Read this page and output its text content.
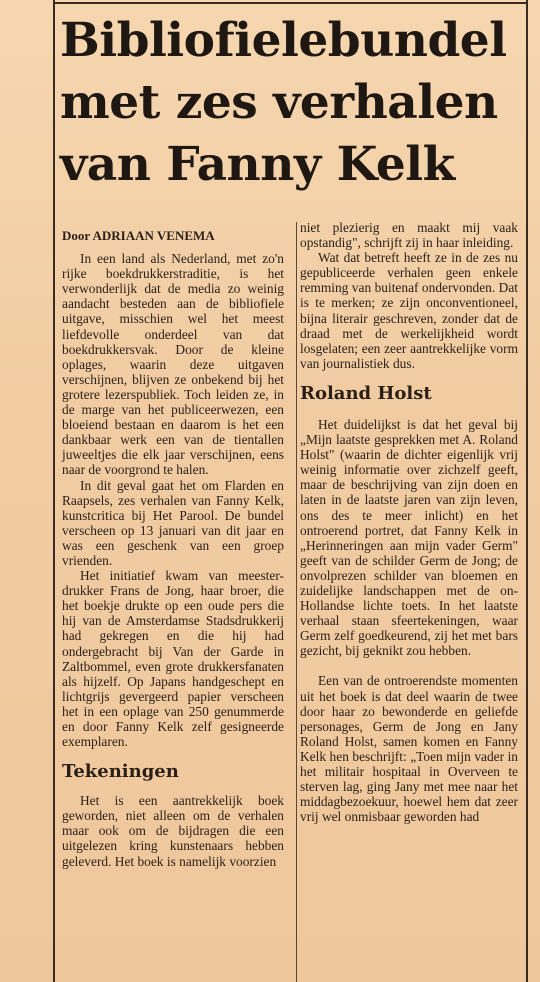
Bibliofielebundel
met zes verhalen
van Fanny Kelk
Door ADRIAAN VENEMA

In een land als Nederland, met zo'n rijke boekdrukkerstraditie, is het verwonderlijk dat de media zo weinig aandacht besteden aan de bibliofiele uitgave, misschien wel het meest liefdevolle onderdeel van dat boekdrukkersvak. Door de kleine oplages, waarin deze uitgaven verschijnen, blijven ze onbekend bij het grotere lezerspubliek. Toch leiden ze, in de marge van het publiceerwezen, een bloeiend bestaan en daarom is het een dankbaar werk een van de tientallen juweeltjes die elk jaar verschijnen, eens naar de voorgrond te halen.

In dit geval gaat het om Flarden en Raapsels, zes verhalen van Fanny Kelk, kunstcritica bij Het Parool. De bundel verscheen op 13 januari van dit jaar en was een geschenk van een groep vrienden.

Het initiatief kwam van meester-drukker Frans de Jong, haar broer, die het boekje drukte op een oude pers die hij van de Amsterdamse Stadsdrukkerij had gekregen en die hij had ondergebracht bij Van der Garde in Zaltbommel, even grote drukkersfanaten als hijzelf. Op Japans handgeschept en lichtgrijs gevergeerd papier verscheen het in een oplage van 250 genummerde en door Fanny Kelk zelf gesigneerde exemplaren.

Tekeningen

Het is een aantrekkelijk boek geworden, niet alleen om de verhalen maar ook om de bijdragen die een uitgelezen kring kunstenaars hebben geleverd. Het boek is namelijk voorzien

niet plezierig en maakt mij vaak opstandig", schrijft zij in haar inleiding.

Wat dat betreft heeft ze in de zes nu gepubliceerde verhalen geen enkele remming van buitenaf ondervonden. Dat is te merken; ze zijn onconventioneel, bijna literair geschreven, zonder dat de draad met de werkelijkheid wordt losgelaten; een zeer aantrekkelijke vorm van journalistiek dus.

Roland Holst

Het duidelijkst is dat het geval bij „Mijn laatste gesprekken met A. Roland Holst" (waarin de dichter eigenlijk vrij weinig informatie over zichzelf geeft, maar de beschrijving van zijn doen en laten in de laatste jaren van zijn leven, ons des te meer inlicht) en het ontroerend portret, dat Fanny Kelk in „Herinneringen aan mijn vader Germ" geeft van de schilder Germ de Jong; de onvolprezen schilder van bloemen en zuidelijke landschappen met de on-Hollandse lichte toets. In het laatste verhaal staan sfeertekeningen, waar Germ zelf goedkeurend, zij het met bars gezicht, bij geknikt zou hebben.

Een van de ontroerendste momenten uit het boek is dat deel waarin de twee door haar zo bewonderde en geliefde personages, Germ de Jong en Jany Roland Holst, samen komen en Fanny Kelk hen beschrijft: „Toen mijn vader in het militair hospitaal in Overveen te sterven lag, ging Jany met mee naar het middagbezoekuur, hoewel hem dat zeer vrij wel onmisbaar geworden had
